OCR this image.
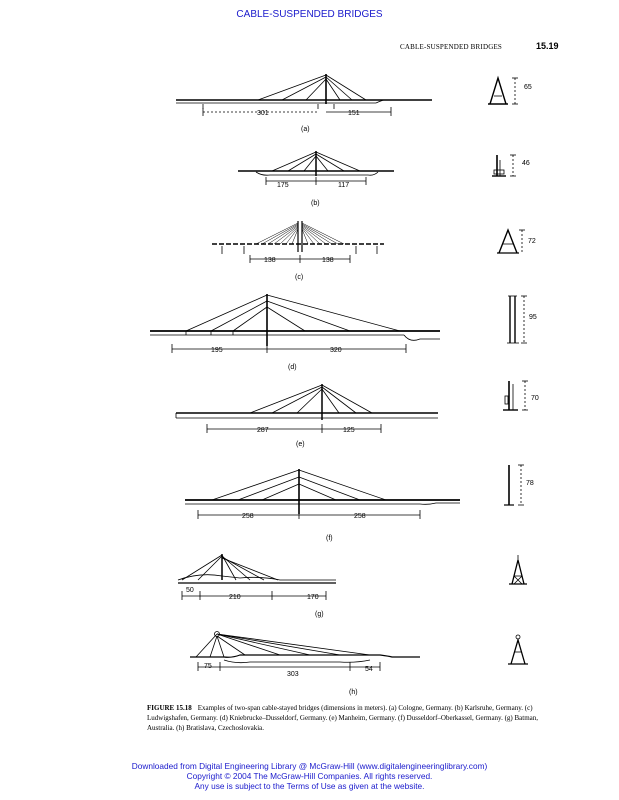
CABLE-SUSPENDED BRIDGES
CABLE-SUSPENDED BRIDGES	15.19
301	151
(a)
65
175	117
(b)
46
138	138
(c)
72
195	320
(d)
95
287	125
(e)
70
258	258
(f)
78
50
210	170
(g)
75
303
54
(h)
FIGURE 15.18 Examples of two-span cable-stayed bridges (dimensions in meters). (a) Cologne, Germany. (b) Karlsruhe, Germany. (c) Ludwigshafen, Germany. (d) Kniebrucke–Dusseldorf, Germany. (e) Manheim, Germany. (f) Dusseldorf–Oberkassel, Germany. (g) Batman, Australia. (h) Bratislava, Czechoslovakia.
Downloaded from Digital Engineering Library @ McGraw-Hill (www.digitalengineeringlibrary.com)
Copyright © 2004 The McGraw-Hill Companies. All rights reserved.
Any use is subject to the Terms of Use as given at the website.
